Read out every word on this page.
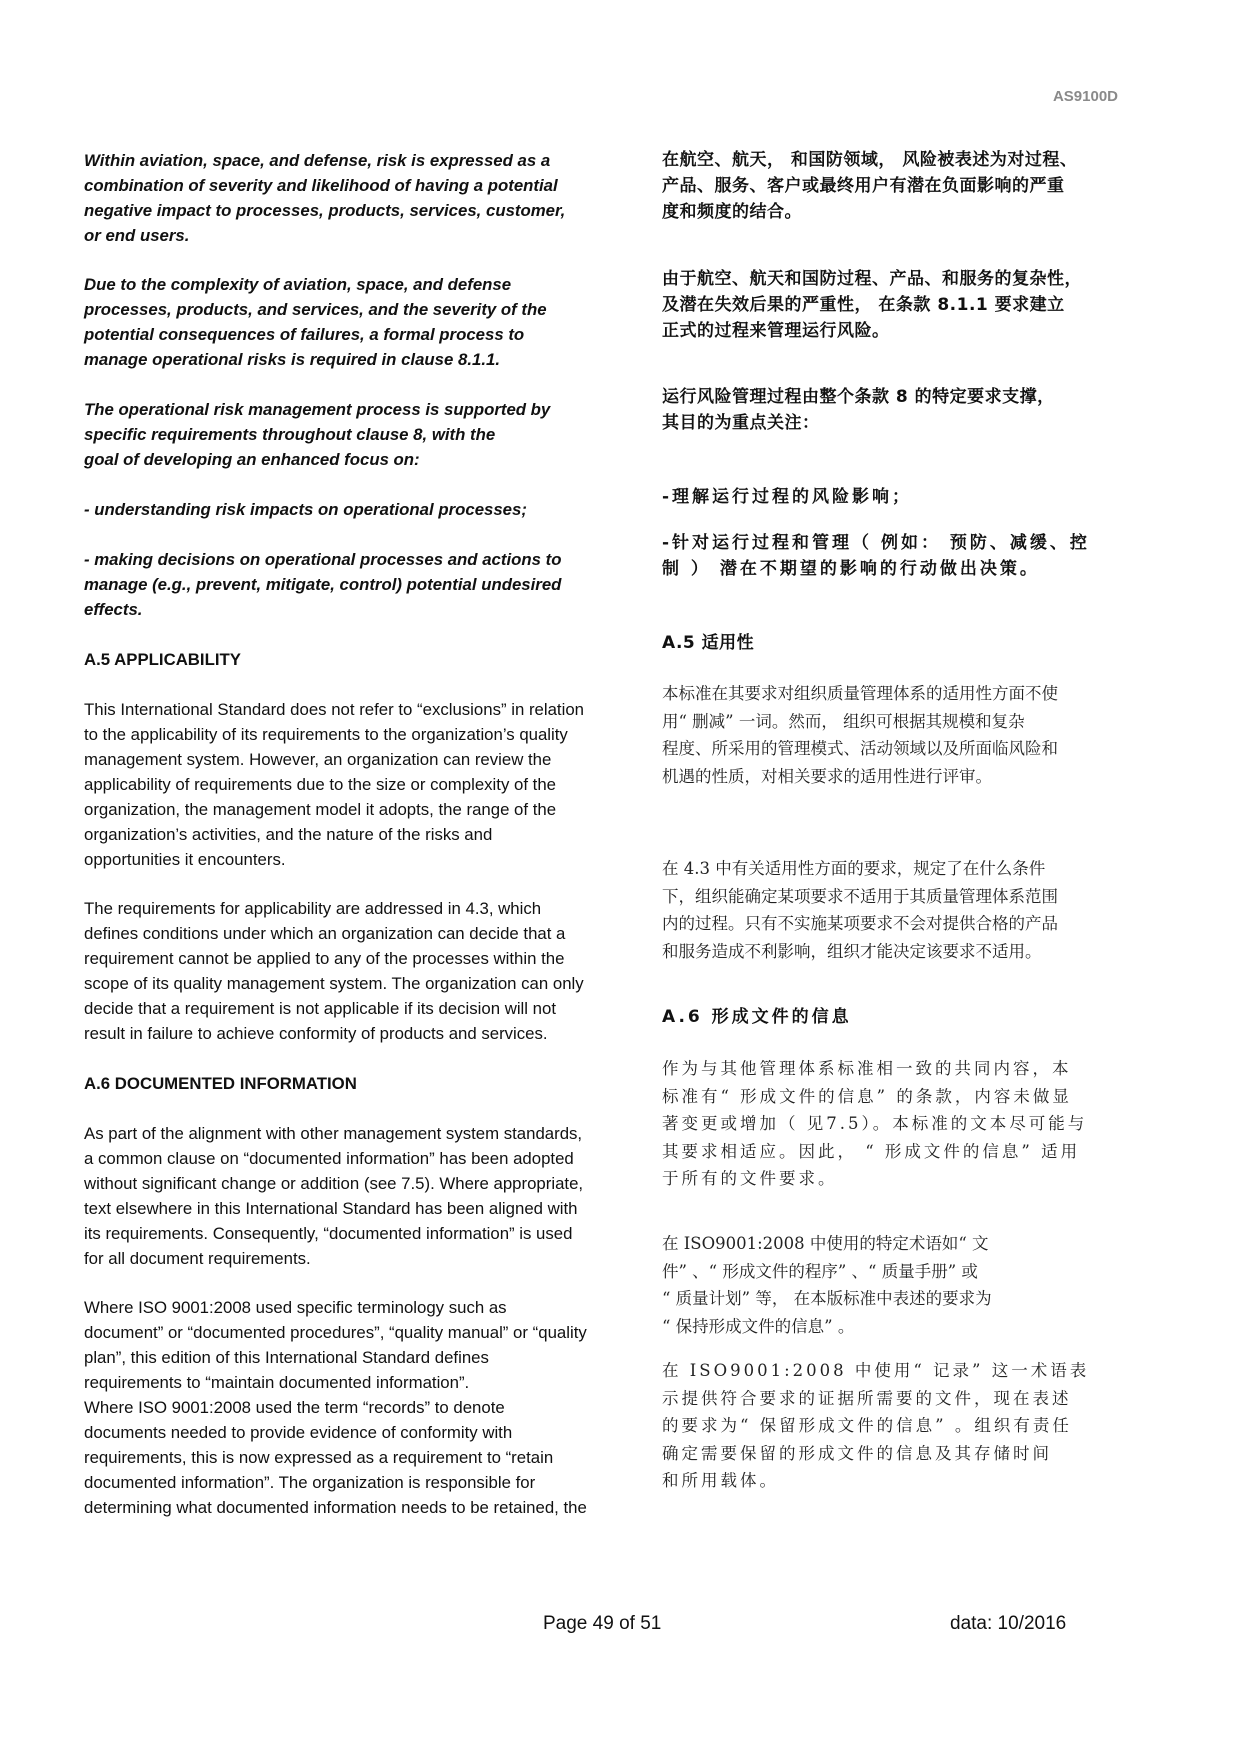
AS9100D

Within aviation, space, and defense, risk is expressed as a
combination of severity and likelihood of having a potential
negative impact to processes, products, services, customer,
or end users.

Due to the complexity of aviation, space, and defense
processes, products, and services, and the severity of the
potential consequences of failures, a formal process to
manage operational risks is required in clause 8.1.1.

The operational risk management process is supported by
specific requirements throughout clause 8, with the
goal of developing an enhanced focus on:

- understanding risk impacts on operational processes;

- making decisions on operational processes and actions to
manage (e.g., prevent, mitigate, control) potential undesired
effects.

A.5 APPLICABILITY

This International Standard does not refer to “exclusions” in relation
to the applicability of its requirements to the organization’s quality
management system. However, an organization can review the
applicability of requirements due to the size or complexity of the
organization, the management model it adopts, the range of the
organization’s activities, and the nature of the risks and
opportunities it encounters.

The requirements for applicability are addressed in 4.3, which
defines conditions under which an organization can decide that a
requirement cannot be applied to any of the processes within the
scope of its quality management system. The organization can only
decide that a requirement is not applicable if its decision will not
result in failure to achieve conformity of products and services.

A.6 DOCUMENTED INFORMATION

As part of the alignment with other management system standards,
a common clause on “documented information” has been adopted
without significant change or addition (see 7.5). Where appropriate,
text elsewhere in this International Standard has been aligned with
its requirements. Consequently, “documented information” is used
for all document requirements.

Where ISO 9001:2008 used specific terminology such as
document” or “documented procedures”, “quality manual” or “quality
plan”, this edition of this International Standard defines
requirements to “maintain documented information”.

Where ISO 9001:2008 used the term “records” to denote
documents needed to provide evidence of conformity with
requirements, this is now expressed as a requirement to “retain
documented information”. The organization is responsible for
determining what documented information needs to be retained, the

在航空、航天， 和国防领域， 风险被表述为对过程、
产品、服务、客户或最终用户有潜在负面影响的严重
度和频度的结合。

由于航空、航天和国防过程、产品、和服务的复杂性，
及潜在失效后果的严重性， 在条款 8.1.1 要求建立
正式的过程来管理运行风险。

运行风险管理过程由整个条款 8 的特定要求支撑，
其目的为重点关注：

-理解运行过程的风险影响；

-针对运行过程和管理（ 例如： 预防、减缓、控
制 ） 潜在不期望的影响的行动做出决策。

A.5 适用性

本标准在其要求对组织质量管理体系的适用性方面不使
用“ 删减” 一词。然而， 组织可根据其规模和复杂
程度、所采用的管理模式、活动领域以及所面临风险和
机遇的性质，对相关要求的适用性进行评审。

在 4.3 中有关适用性方面的要求，规定了在什么条件
下，组织能确定某项要求不适用于其质量管理体系范围
内的过程。只有不实施某项要求不会对提供合格的产品
和服务造成不利影响，组织才能决定该要求不适用。

A.6 形成文件的信息

作为与其他管理体系标准相一致的共同内容，本
标准有“ 形成文件的信息” 的条款，内容未做显
著变更或增加（ 见7.5）。本标准的文本尽可能与
其要求相适应。因此， “ 形成文件的信息” 适用
于所有的文件要求。

在 ISO9001:2008 中使用的特定术语如“ 文
件” 、“ 形成文件的程序” 、“ 质量手册” 或
“ 质量计划” 等， 在本版标准中表述的要求为
“ 保持形成文件的信息” 。

在 ISO9001:2008 中使用“ 记录” 这一术语表
示提供符合要求的证据所需要的文件，现在表述
的要求为“ 保留形成文件的信息” 。组织有责任
确定需要保留的形成文件的信息及其存储时间
和所用载体。

Page 49 of 51	data: 10/2016
